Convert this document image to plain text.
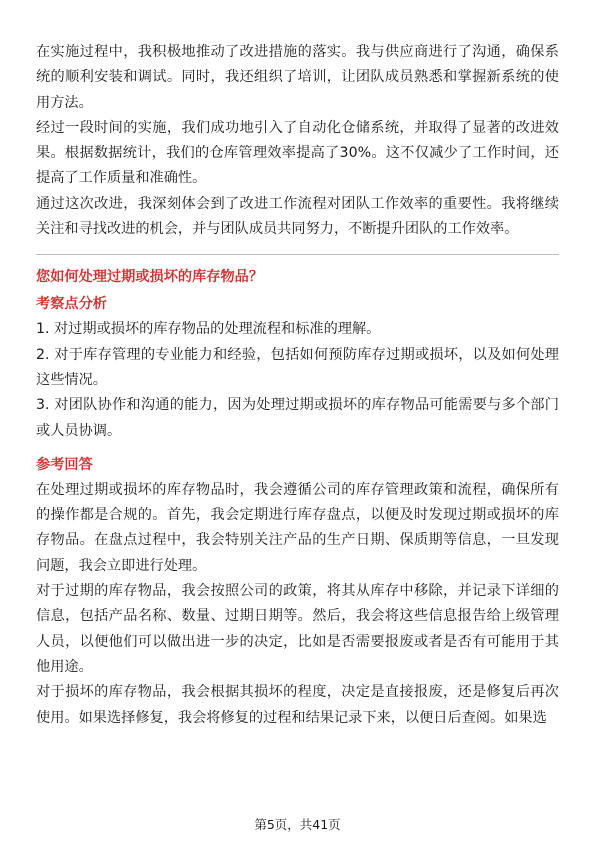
在实施过程中，我积极地推动了改进措施的落实。我与供应商进行了沟通，确保系统的顺利安装和调试。同时，我还组织了培训，让团队成员熟悉和掌握新系统的使用方法。

经过一段时间的实施，我们成功地引入了自动化仓储系统，并取得了显著的改进效果。根据数据统计，我们的仓库管理效率提高了30%。这不仅减少了工作时间，还提高了工作质量和准确性。

通过这次改进，我深刻体会到了改进工作流程对团队工作效率的重要性。我将继续关注和寻找改进的机会，并与团队成员共同努力，不断提升团队的工作效率。

您如何处理过期或损坏的库存物品？

考察点分析

1. 对过期或损坏的库存物品的处理流程和标准的理解。

2. 对于库存管理的专业能力和经验，包括如何预防库存过期或损坏，以及如何处理这些情况。

3. 对团队协作和沟通的能力，因为处理过期或损坏的库存物品可能需要与多个部门或人员协调。

参考回答

在处理过期或损坏的库存物品时，我会遵循公司的库存管理政策和流程，确保所有的操作都是合规的。首先，我会定期进行库存盘点，以便及时发现过期或损坏的库存物品。在盘点过程中，我会特别关注产品的生产日期、保质期等信息，一旦发现问题，我会立即进行处理。

对于过期的库存物品，我会按照公司的政策，将其从库存中移除，并记录下详细的信息，包括产品名称、数量、过期日期等。然后，我会将这些信息报告给上级管理人员，以便他们可以做出进一步的决定，比如是否需要报废或者是否有可能用于其他用途。

对于损坏的库存物品，我会根据其损坏的程度，决定是直接报废，还是修复后再次使用。如果选择修复，我会将修复的过程和结果记录下来，以便日后查阅。如果选

第5页，共41页
